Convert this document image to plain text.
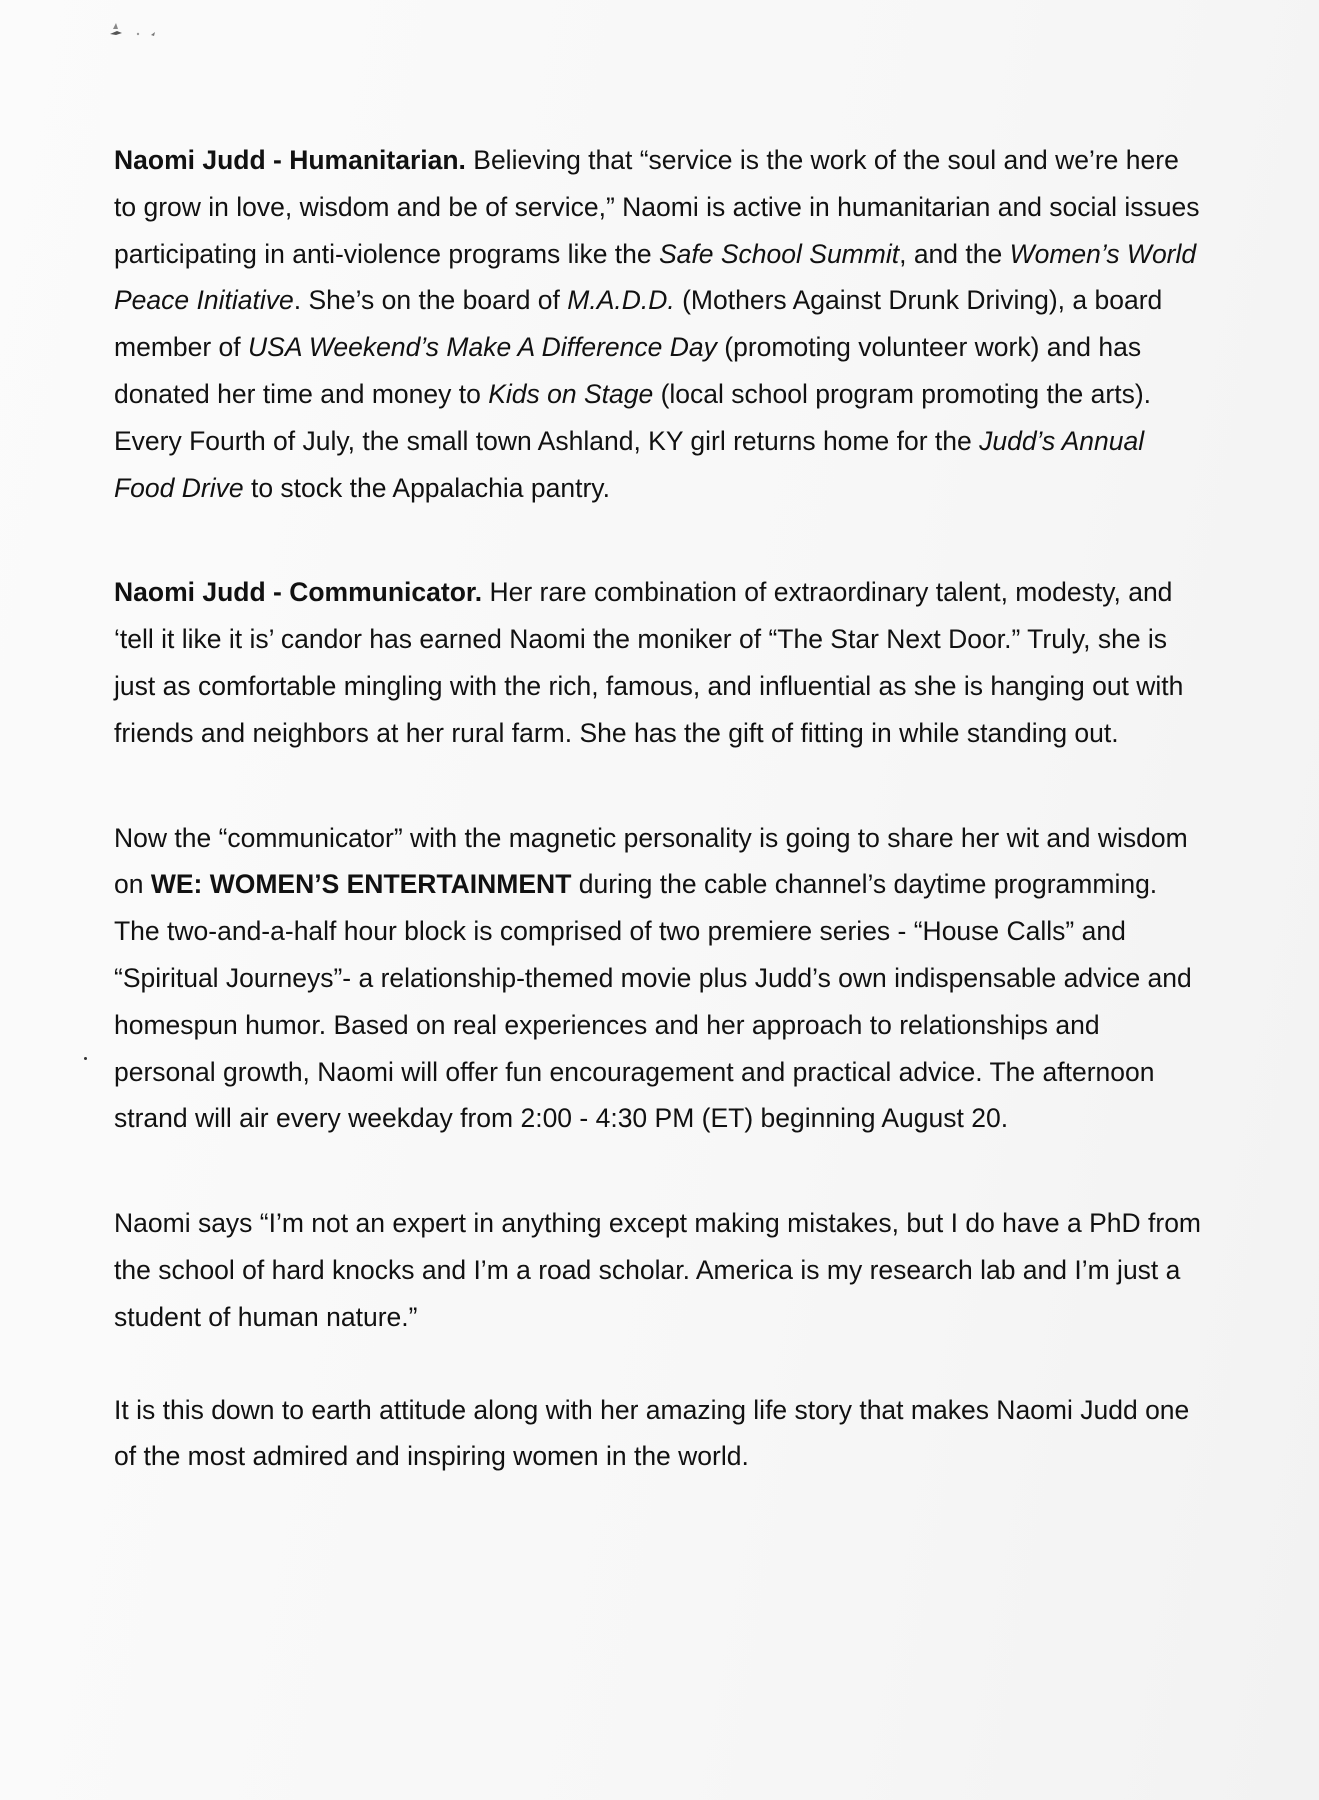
Naomi Judd - Humanitarian. Believing that “service is the work of the soul and we’re here to grow in love, wisdom and be of service,” Naomi is active in humanitarian and social issues participating in anti-violence programs like the Safe School Summit, and the Women’s World Peace Initiative. She’s on the board of M.A.D.D. (Mothers Against Drunk Driving), a board member of USA Weekend’s Make A Difference Day (promoting volunteer work) and has donated her time and money to Kids on Stage (local school program promoting the arts). Every Fourth of July, the small town Ashland, KY girl returns home for the Judd’s Annual Food Drive to stock the Appalachia pantry.

Naomi Judd - Communicator. Her rare combination of extraordinary talent, modesty, and ‘tell it like it is’ candor has earned Naomi the moniker of “The Star Next Door.” Truly, she is just as comfortable mingling with the rich, famous, and influential as she is hanging out with friends and neighbors at her rural farm. She has the gift of fitting in while standing out.

Now the “communicator” with the magnetic personality is going to share her wit and wisdom on WE: WOMEN’S ENTERTAINMENT during the cable channel’s daytime programming. The two-and-a-half hour block is comprised of two premiere series - “House Calls” and “Spiritual Journeys”- a relationship-themed movie plus Judd’s own indispensable advice and homespun humor. Based on real experiences and her approach to relationships and personal growth, Naomi will offer fun encouragement and practical advice. The afternoon strand will air every weekday from 2:00 - 4:30 PM (ET) beginning August 20.

Naomi says “I’m not an expert in anything except making mistakes, but I do have a PhD from the school of hard knocks and I’m a road scholar. America is my research lab and I’m just a student of human nature.”

It is this down to earth attitude along with her amazing life story that makes Naomi Judd one of the most admired and inspiring women in the world.
